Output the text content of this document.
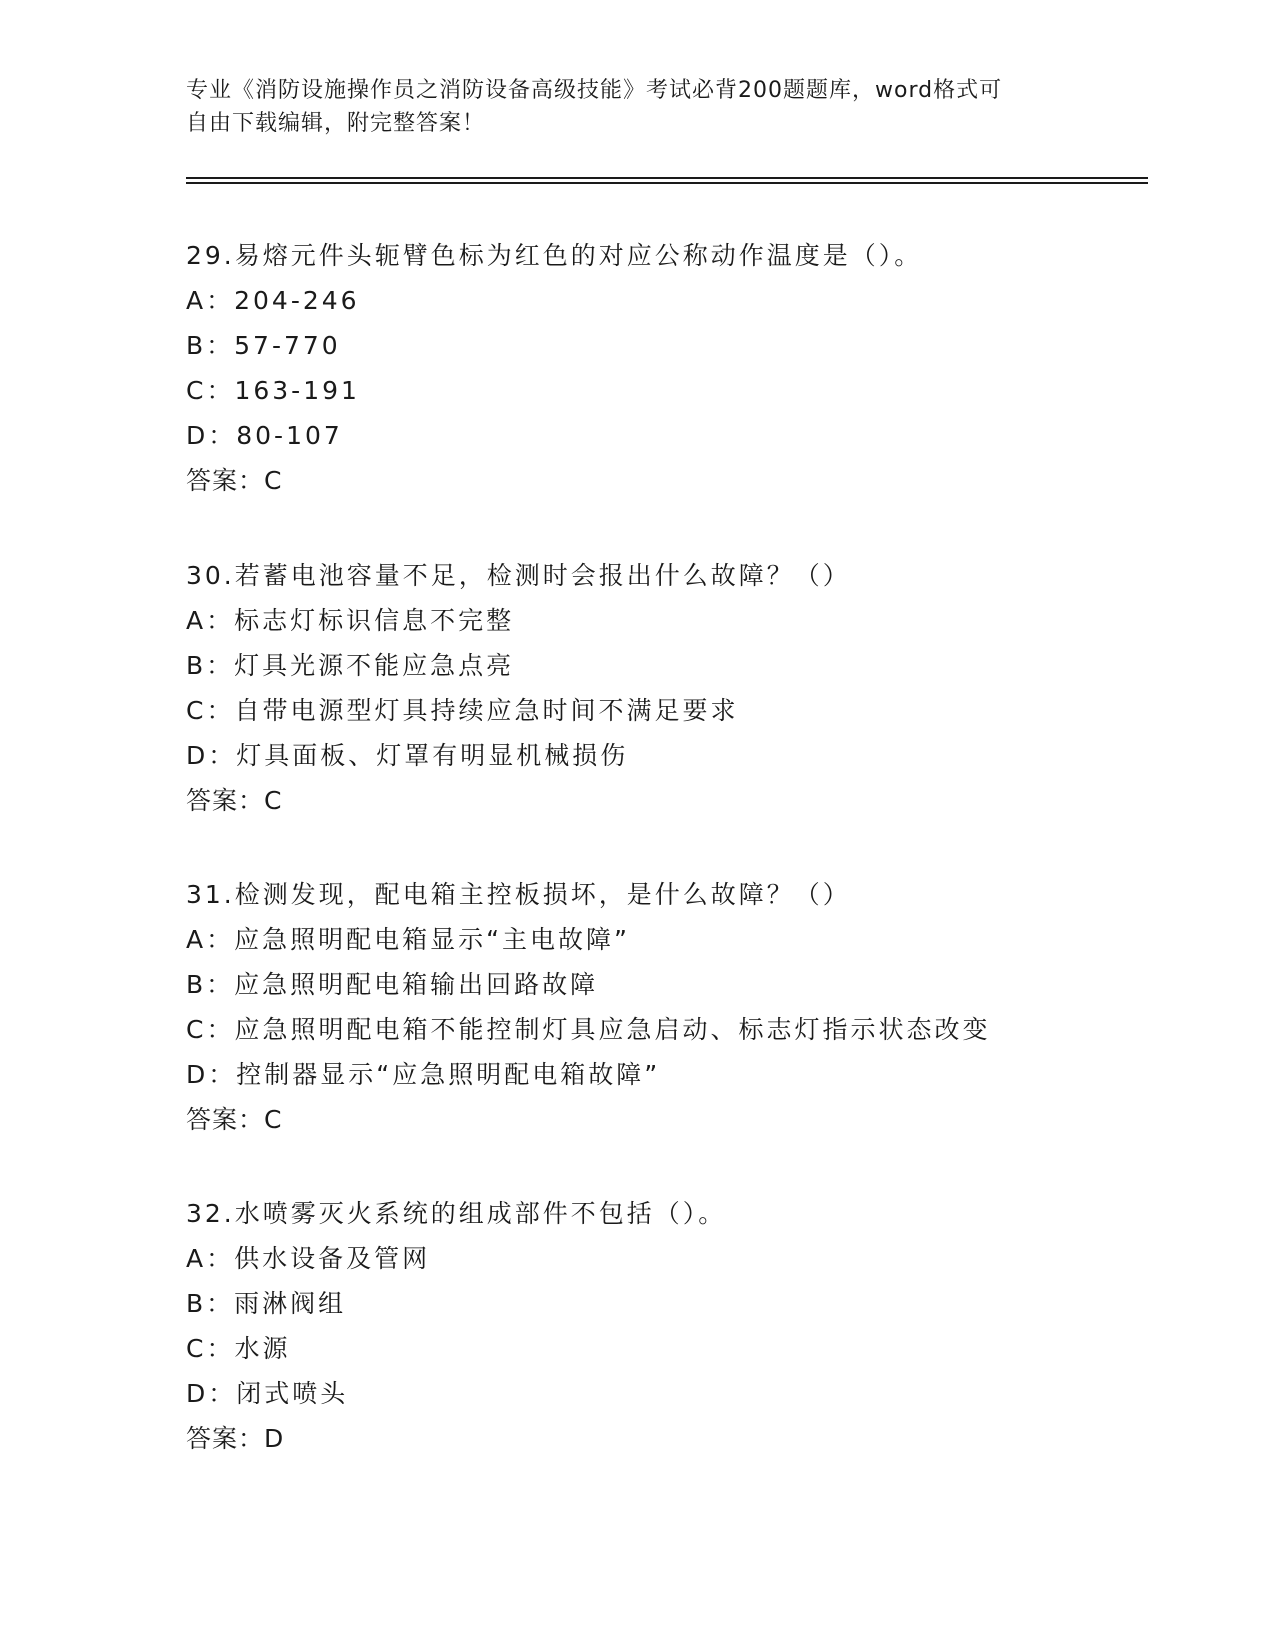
专业《消防设施操作员之消防设备高级技能》考试必背200题题库，word格式可
自由下载编辑，附完整答案！
29.易熔元件头轭臂色标为红色的对应公称动作温度是（）。
A：204-246
B：57-770
C：163-191
D：80-107
答案：C
30.若蓄电池容量不足，检测时会报出什么故障？（）
A：标志灯标识信息不完整
B：灯具光源不能应急点亮
C：自带电源型灯具持续应急时间不满足要求
D：灯具面板、灯罩有明显机械损伤
答案：C
31.检测发现，配电箱主控板损坏，是什么故障？（）
A：应急照明配电箱显示“主电故障”
B：应急照明配电箱输出回路故障
C：应急照明配电箱不能控制灯具应急启动、标志灯指示状态改变
D：控制器显示“应急照明配电箱故障”
答案：C
32.水喷雾灭火系统的组成部件不包括（）。
A：供水设备及管网
B：雨淋阀组
C：水源
D：闭式喷头
答案：D
